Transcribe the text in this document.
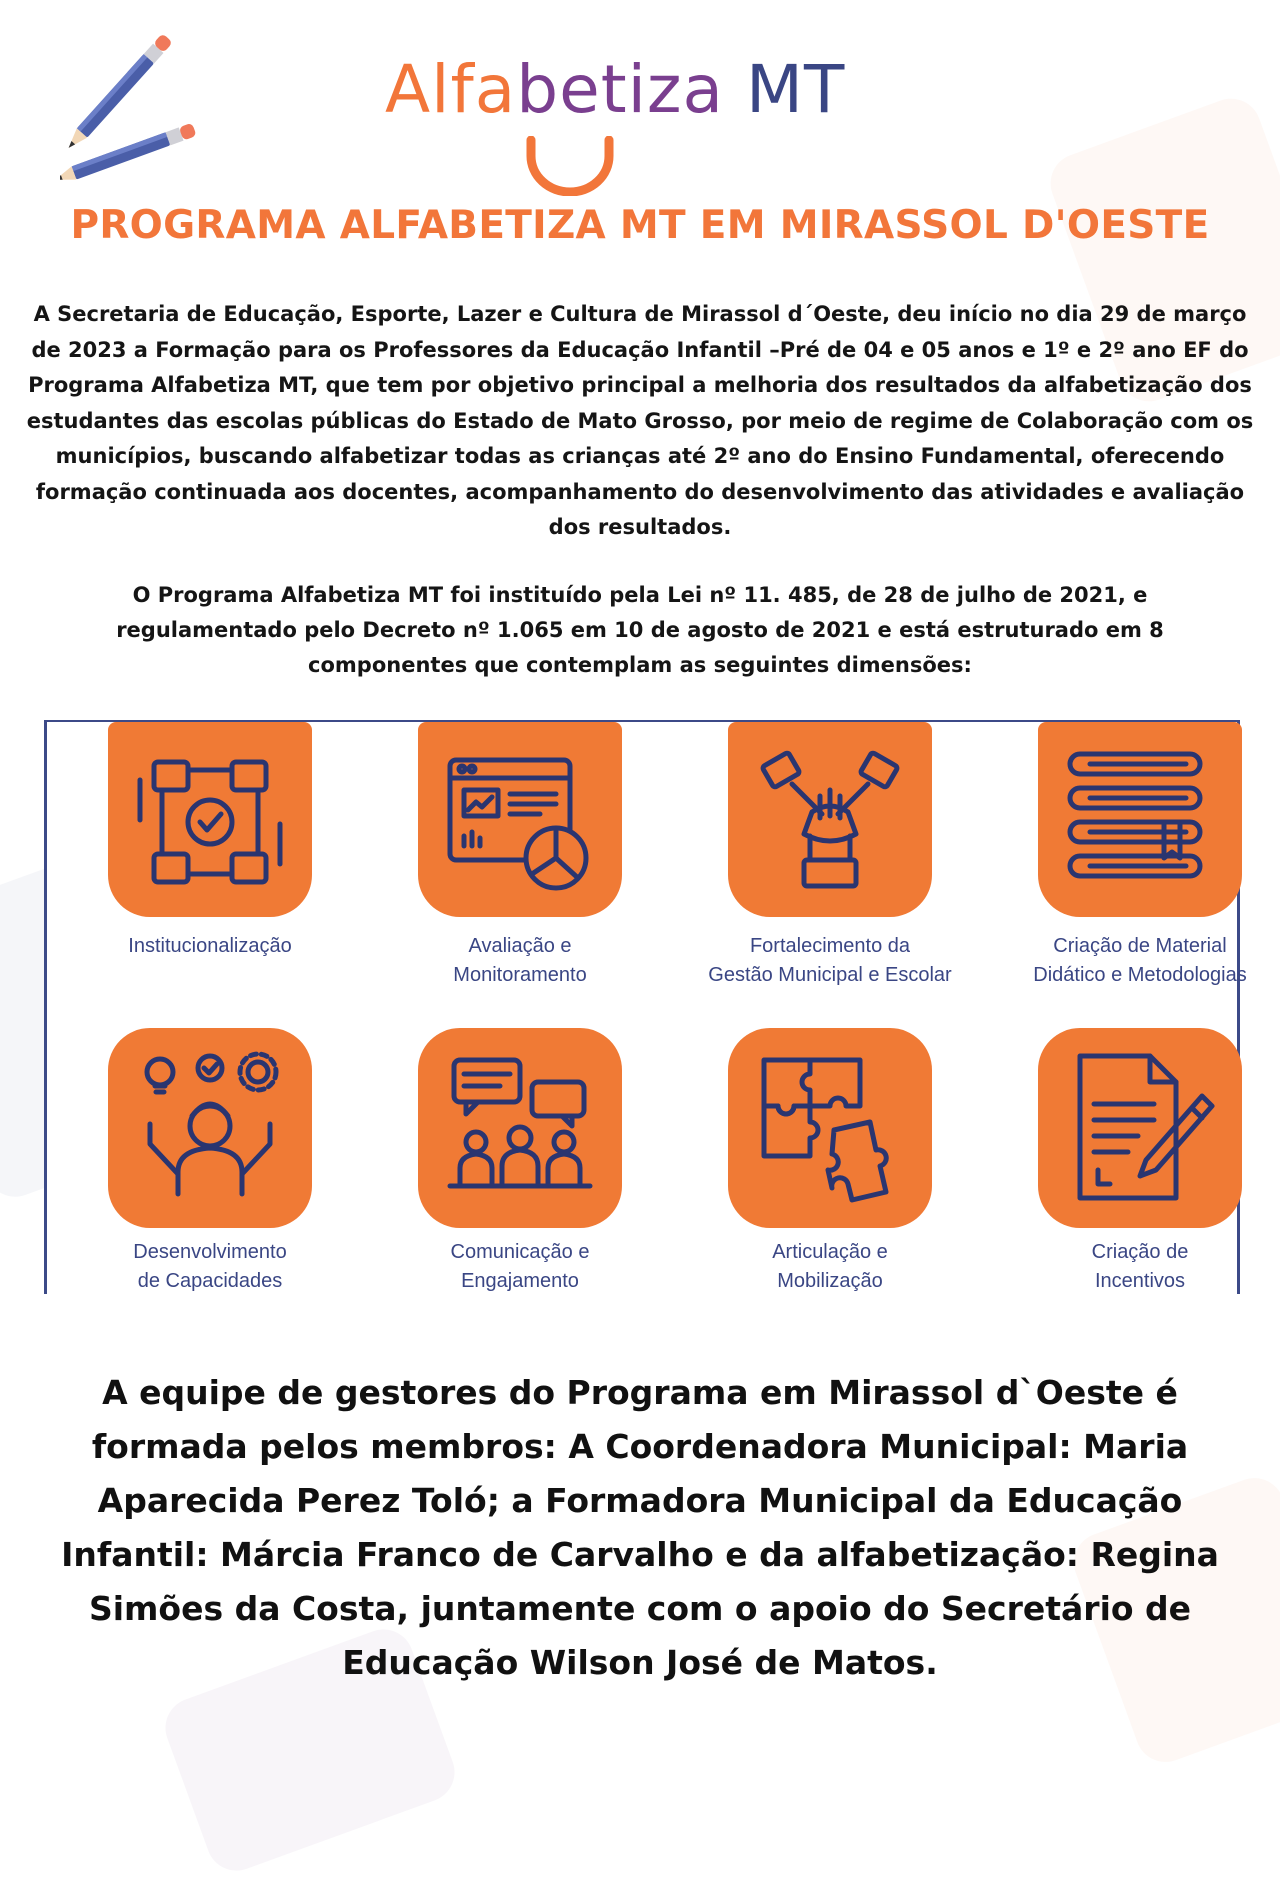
Alfabetiza MT
PROGRAMA ALFABETIZA MT EM MIRASSOL D'OESTE
A Secretaria de Educação, Esporte, Lazer e Cultura de Mirassol d´Oeste, deu início no dia 29 de março de 2023 a Formação para os Professores da Educação Infantil –Pré de 04 e 05 anos e 1º e 2º ano EF do Programa Alfabetiza MT, que tem por objetivo principal a melhoria dos resultados da alfabetização dos estudantes das escolas públicas do Estado de Mato Grosso, por meio de regime de Colaboração com os municípios, buscando alfabetizar todas as crianças até 2º ano do Ensino Fundamental, oferecendo formação continuada aos docentes, acompanhamento do desenvolvimento das atividades e avaliação dos resultados.
O Programa Alfabetiza MT foi instituído pela Lei nº 11. 485, de 28 de julho de 2021, e regulamentado pelo Decreto nº 1.065 em 10 de agosto de 2021 e está estruturado em 8 componentes que contemplam as seguintes dimensões:
Institucionalização	Avaliação e
Monitoramento
Fortalecimento da
Gestão Municipal e Escolar
Criação de Material
Didático e Metodologias
Desenvolvimento
de Capacidades
Comunicação e
Engajamento
Articulação e
Mobilização
Criação de
Incentivos
A equipe de gestores do Programa em Mirassol d`Oeste é formada pelos membros: A Coordenadora Municipal: Maria Aparecida Perez Toló; a Formadora Municipal da Educação Infantil: Márcia Franco de Carvalho e da alfabetização: Regina Simões da Costa, juntamente com o apoio do Secretário de Educação Wilson José de Matos.
